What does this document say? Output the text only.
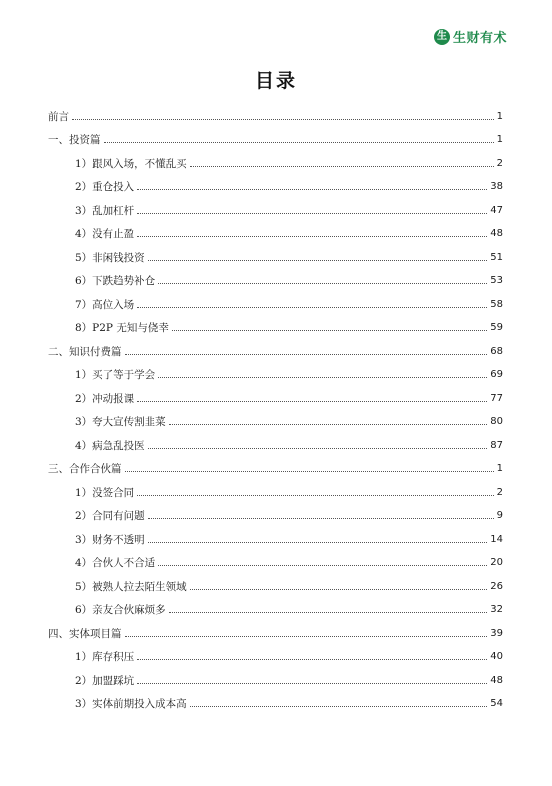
生 生财有术
目录
前言	1
一、投资篇	1
1）跟风入场，不懂乱买	2
2）重仓投入	38
3）乱加杠杆	47
4）没有止盈	48
5）非闲钱投资	51
6）下跌趋势补仓	53
7）高位入场	58
8）P2P 无知与侥幸	59
二、知识付费篇	68
1）买了等于学会	69
2）冲动报课	77
3）夸大宣传割韭菜	80
4）病急乱投医	87
三、合作合伙篇	1
1）没签合同	2
2）合同有问题	9
3）财务不透明	14
4）合伙人不合适	20
5）被熟人拉去陌生领域	26
6）亲友合伙麻烦多	32
四、实体项目篇	39
1）库存积压	40
2）加盟踩坑	48
3）实体前期投入成本高	54
